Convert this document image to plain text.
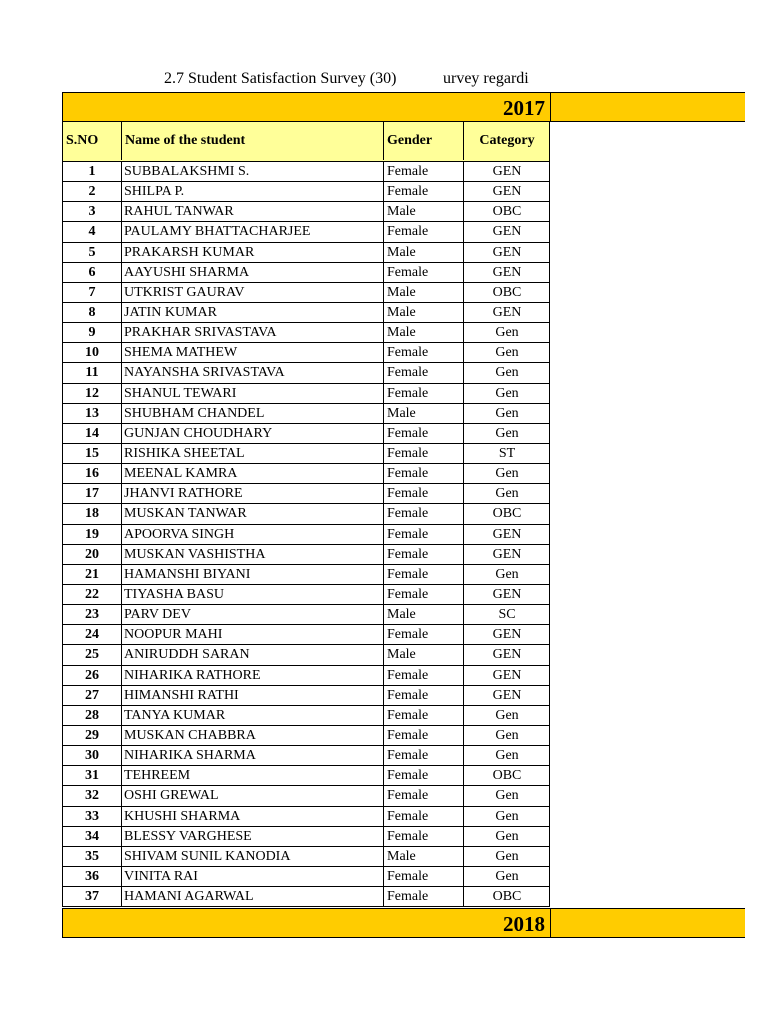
2.7 Student Satisfaction Survey (30)	urvey regardi
2017
S.NO	Name of the student	Gender	Category
1	SUBBALAKSHMI S.	Female	GEN
2	SHILPA P.	Female	GEN
3	RAHUL TANWAR	Male	OBC
4	PAULAMY BHATTACHARJEE	Female	GEN
5	PRAKARSH KUMAR	Male	GEN
6	AAYUSHI SHARMA	Female	GEN
7	UTKRIST GAURAV	Male	OBC
8	JATIN KUMAR	Male	GEN
9	PRAKHAR SRIVASTAVA	Male	Gen
10	SHEMA MATHEW	Female	Gen
11	NAYANSHA SRIVASTAVA	Female	Gen
12	SHANUL TEWARI	Female	Gen
13	SHUBHAM CHANDEL	Male	Gen
14	GUNJAN CHOUDHARY	Female	Gen
15	RISHIKA SHEETAL	Female	ST
16	MEENAL KAMRA	Female	Gen
17	JHANVI RATHORE	Female	Gen
18	MUSKAN TANWAR	Female	OBC
19	APOORVA SINGH	Female	GEN
20	MUSKAN VASHISTHA	Female	GEN
21	HAMANSHI BIYANI	Female	Gen
22	TIYASHA BASU	Female	GEN
23	PARV DEV	Male	SC
24	NOOPUR MAHI	Female	GEN
25	ANIRUDDH SARAN	Male	GEN
26	NIHARIKA RATHORE	Female	GEN
27	HIMANSHI RATHI	Female	GEN
28	TANYA KUMAR	Female	Gen
29	MUSKAN CHABBRA	Female	Gen
30	NIHARIKA SHARMA	Female	Gen
31	TEHREEM	Female	OBC
32	OSHI GREWAL	Female	Gen
33	KHUSHI SHARMA	Female	Gen
34	BLESSY VARGHESE	Female	Gen
35	SHIVAM SUNIL KANODIA	Male	Gen
36	VINITA RAI	Female	Gen
37	HAMANI AGARWAL	Female	OBC
2018
